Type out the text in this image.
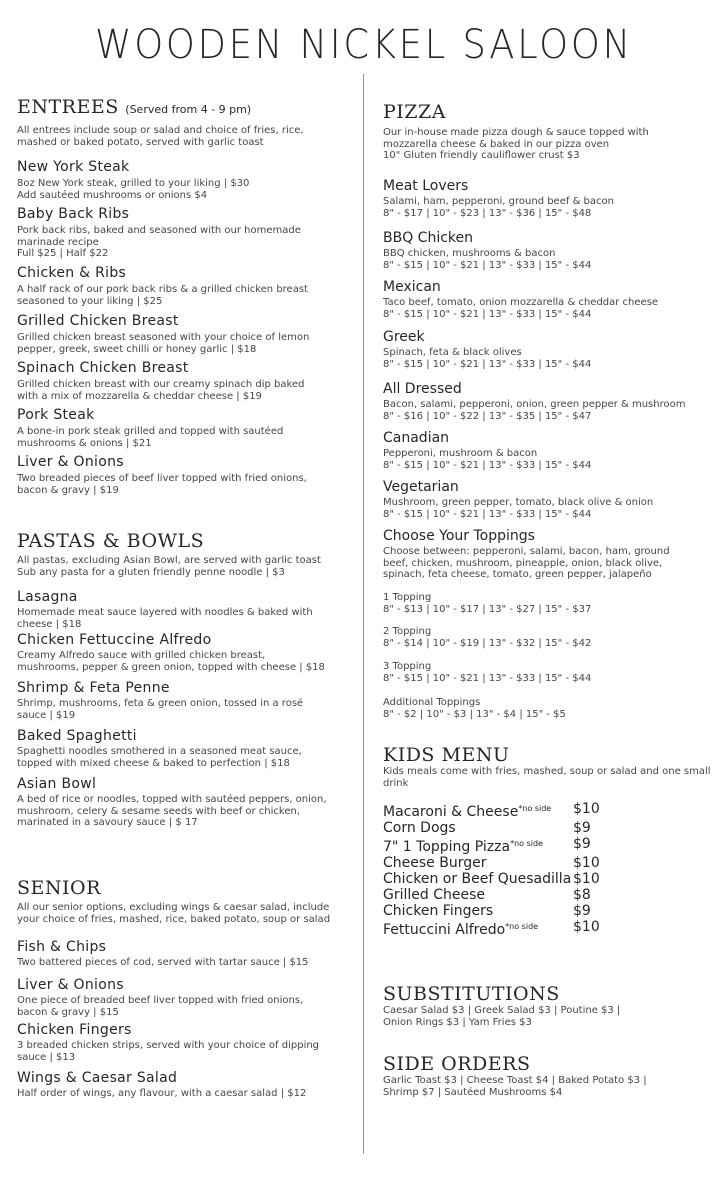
WOODEN NICKEL SALOON
ENTREES (Served from 4 - 9 pm)
All entrees include soup or salad and choice of fries, rice, mashed or baked potato, served with garlic toast
New York Steak
8oz New York steak, grilled to your liking | $30
Add sautéed mushrooms or onions $4
Baby Back Ribs
Pork back ribs, baked and seasoned with our homemade marinade recipe
Full $25 | Half $22
Chicken & Ribs
A half rack of our pork back ribs & a grilled chicken breast seasoned to your liking | $25
Grilled Chicken Breast
Grilled chicken breast seasoned with your choice of lemon pepper, greek, sweet chilli or honey garlic | $18
Spinach Chicken Breast
Grilled chicken breast with our creamy spinach dip baked with a mix of mozzarella & cheddar cheese | $19
Pork Steak
A bone-in pork steak grilled and topped with sautéed mushrooms & onions | $21
Liver & Onions
Two breaded pieces of beef liver topped with fried onions, bacon & gravy | $19
PASTAS & BOWLS
All pastas, excluding Asian Bowl, are served with garlic toast
Sub any pasta for a gluten friendly penne noodle | $3
Lasagna
Homemade meat sauce layered with noodles & baked with cheese | $18
Chicken Fettuccine Alfredo
Creamy Alfredo sauce with grilled chicken breast, mushrooms, pepper & green onion, topped with cheese | $18
Shrimp & Feta Penne
Shrimp, mushrooms, feta & green onion, tossed in a rosé sauce | $19
Baked Spaghetti
Spaghetti noodles smothered in a seasoned meat sauce, topped with mixed cheese & baked to perfection | $18
Asian Bowl
A bed of rice or noodles, topped with sautéed peppers, onion, mushroom, celery & sesame seeds with beef or chicken, marinated in a savoury sauce | $ 17
SENIOR
All our senior options, excluding wings & caesar salad, include your choice of fries, mashed, rice, baked potato, soup or salad
Fish & Chips
Two battered pieces of cod, served with tartar sauce | $15
Liver & Onions
One piece of breaded beef liver topped with fried onions, bacon & gravy | $15
Chicken Fingers
3 breaded chicken strips, served with your choice of dipping sauce | $13
Wings & Caesar Salad
Half order of wings, any flavour, with a caesar salad | $12
PIZZA
Our in-house made pizza dough & sauce topped with mozzarella cheese & baked in our pizza oven
10" Gluten friendly cauliflower crust $3
Meat Lovers
Salami, ham, pepperoni, ground beef & bacon
8" - $17 | 10" - $23 | 13" - $36 | 15" - $48
BBQ Chicken
BBQ chicken, mushrooms & bacon
8" - $15 | 10" - $21 | 13" - $33 | 15" - $44
Mexican
Taco beef, tomato, onion mozzarella & cheddar cheese
8" - $15 | 10" - $21 | 13" - $33 | 15" - $44
Greek
Spinach, feta & black olives
8" - $15 | 10" - $21 | 13" - $33 | 15" - $44
All Dressed
Bacon, salami, pepperoni, onion, green pepper & mushroom
8" - $16 | 10" - $22 | 13" - $35 | 15" - $47
Canadian
Pepperoni, mushroom & bacon
8" - $15 | 10" - $21 | 13" - $33 | 15" - $44
Vegetarian
Mushroom, green pepper, tomato, black olive & onion
8" - $15 | 10" - $21 | 13" - $33 | 15" - $44
Choose Your Toppings
Choose between: pepperoni, salami, bacon, ham, ground beef, chicken, mushroom, pineapple, onion, black olive, spinach, feta cheese, tomato, green pepper, jalapeño
1 Topping
8" - $13 | 10" - $17 | 13" - $27 | 15" - $37
2 Topping
8" - $14 | 10" - $19 | 13" - $32 | 15" - $42
3 Topping
8" - $15 | 10" - $21 | 13" - $33 | 15" - $44
Additional Toppings
8" - $2 | 10" - $3 | 13" - $4 | 15" - $5
KIDS MENU
Kids meals come with fries, mashed, soup or salad and one small drink
Macaroni & Cheese$^{*no side}$	$10
Corn Dogs	$9
7" 1 Topping Pizza$^{*no side}$	$9
Cheese Burger	$10
Chicken or Beef Quesadilla $10
Grilled Cheese	$8
Chicken Fingers	$9
Fettuccini Alfredo$^{*no side}$	$10
SUBSTITUTIONS
Caesar Salad $3 | Greek Salad $3 | Poutine $3 | Onion Rings $3 | Yam Fries $3
SIDE ORDERS
Garlic Toast $3 | Cheese Toast $4 | Baked Potato $3 | Shrimp $7 | Sautéed Mushrooms $4
